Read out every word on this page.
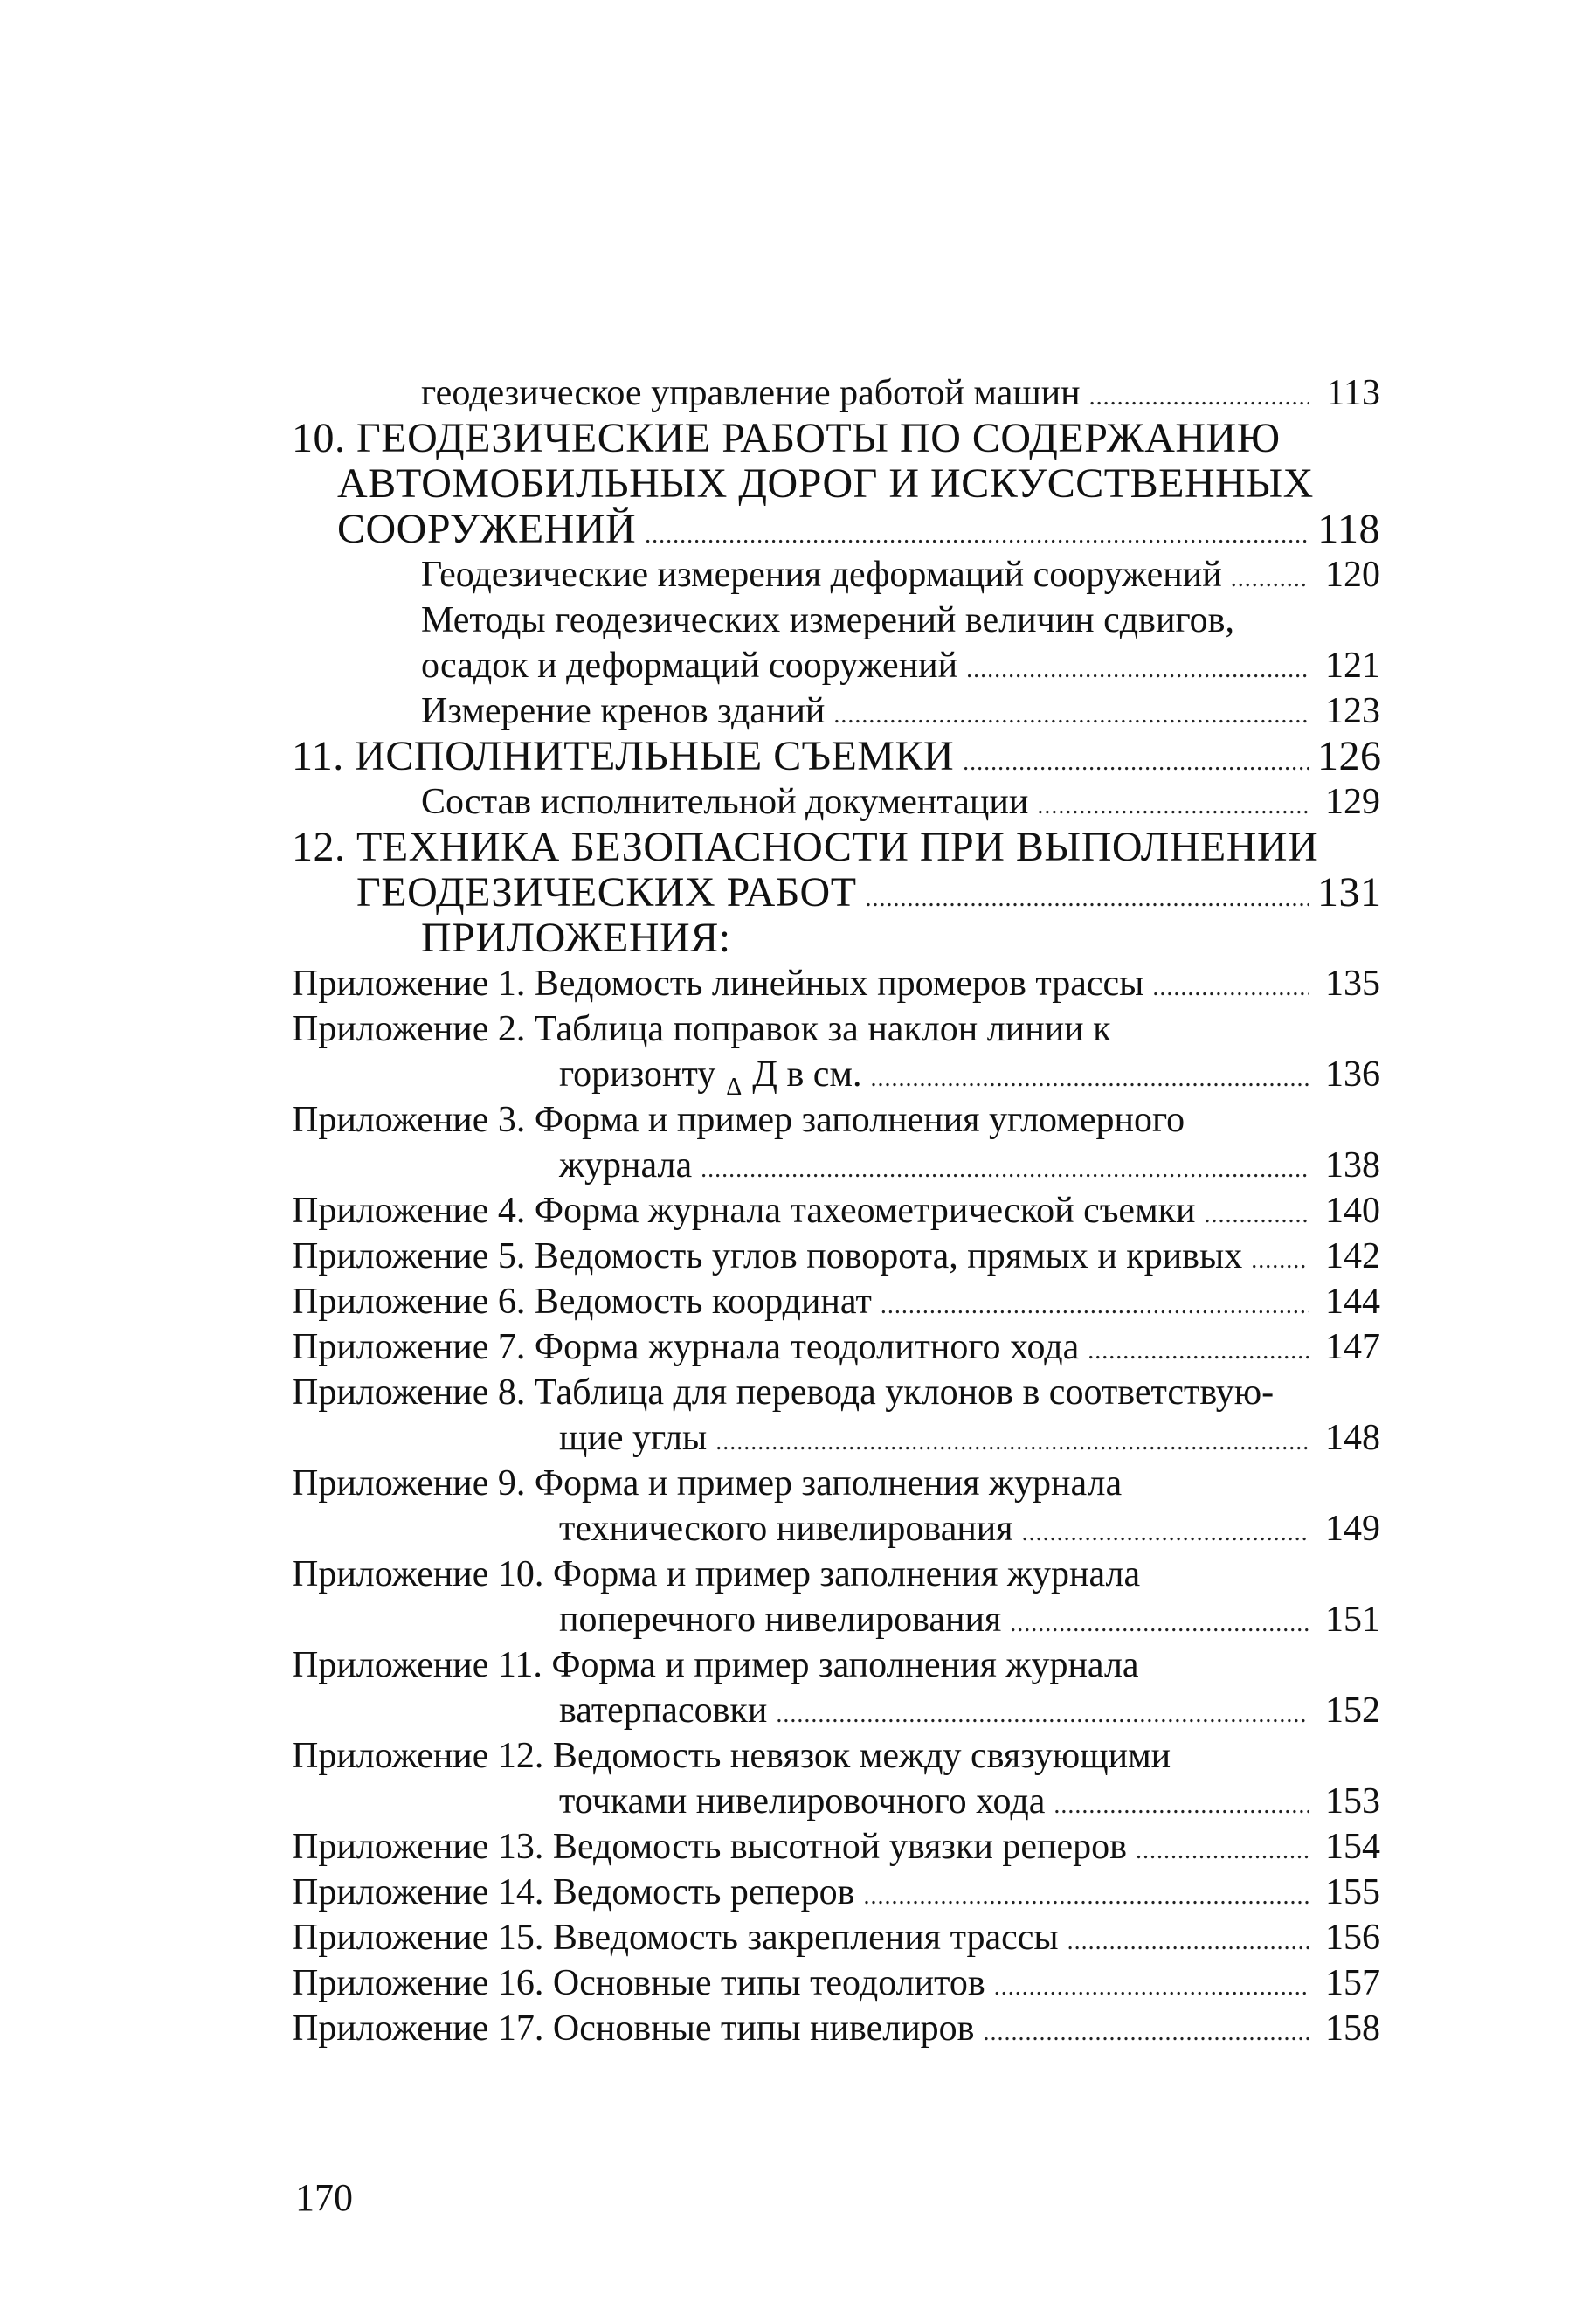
геодезическое управление работой машин .....	113
10. ГЕОДЕЗИЧЕСКИЕ РАБОТЫ ПО СОДЕРЖАНИЮ
АВТОМОБИЛЬНЫХ ДОРОГ И ИСКУССТВЕННЫХ
СООРУЖЕНИЙ .....	118
Геодезические измерения деформаций сооружений .....	120
Методы геодезических измерений величин сдвигов,
осадок и деформаций сооружений .....	121
Измерение кренов зданий .....	123
11. ИСПОЛНИТЕЛЬНЫЕ СЪЕМКИ .....	126
Состав исполнительной документации .....	129
12. ТЕХНИКА БЕЗОПАСНОСТИ ПРИ ВЫПОЛНЕНИИ
ГЕОДЕЗИЧЕСКИХ РАБОТ .....	131
ПРИЛОЖЕНИЯ:
Приложение 1. Ведомость линейных промеров трассы .....	135
Приложение 2. Таблица поправок за наклон линии к
горизонту Δ Д в см. .....	136
Приложение 3. Форма и пример заполнения угломерного
журнала .....	138
Приложение 4. Форма журнала тахеометрической съемки .....	140
Приложение 5. Ведомость углов поворота, прямых и кривых ..... 142
Приложение 6. Ведомость координат .....	144
Приложение 7. Форма журнала теодолитного хода .....	147
Приложение 8. Таблица для перевода уклонов в соответствую-
щие углы .....	148
Приложение 9. Форма и пример заполнения журнала
технического нивелирования .....	149
Приложение 10. Форма и пример заполнения журнала
поперечного нивелирования .....	151
Приложение 11. Форма и пример заполнения журнала
ватерпасовки .....	152
Приложение 12. Ведомость невязок между связующими
точками нивелировочного хода .....	153
Приложение 13. Ведомость высотной увязки реперов .....	154
Приложение 14. Ведомость реперов .....	155
Приложение 15. Введомость закрепления трассы .....	156
Приложение 16. Основные типы теодолитов .....	157
Приложение 17. Основные типы нивелиров .....	158
170
